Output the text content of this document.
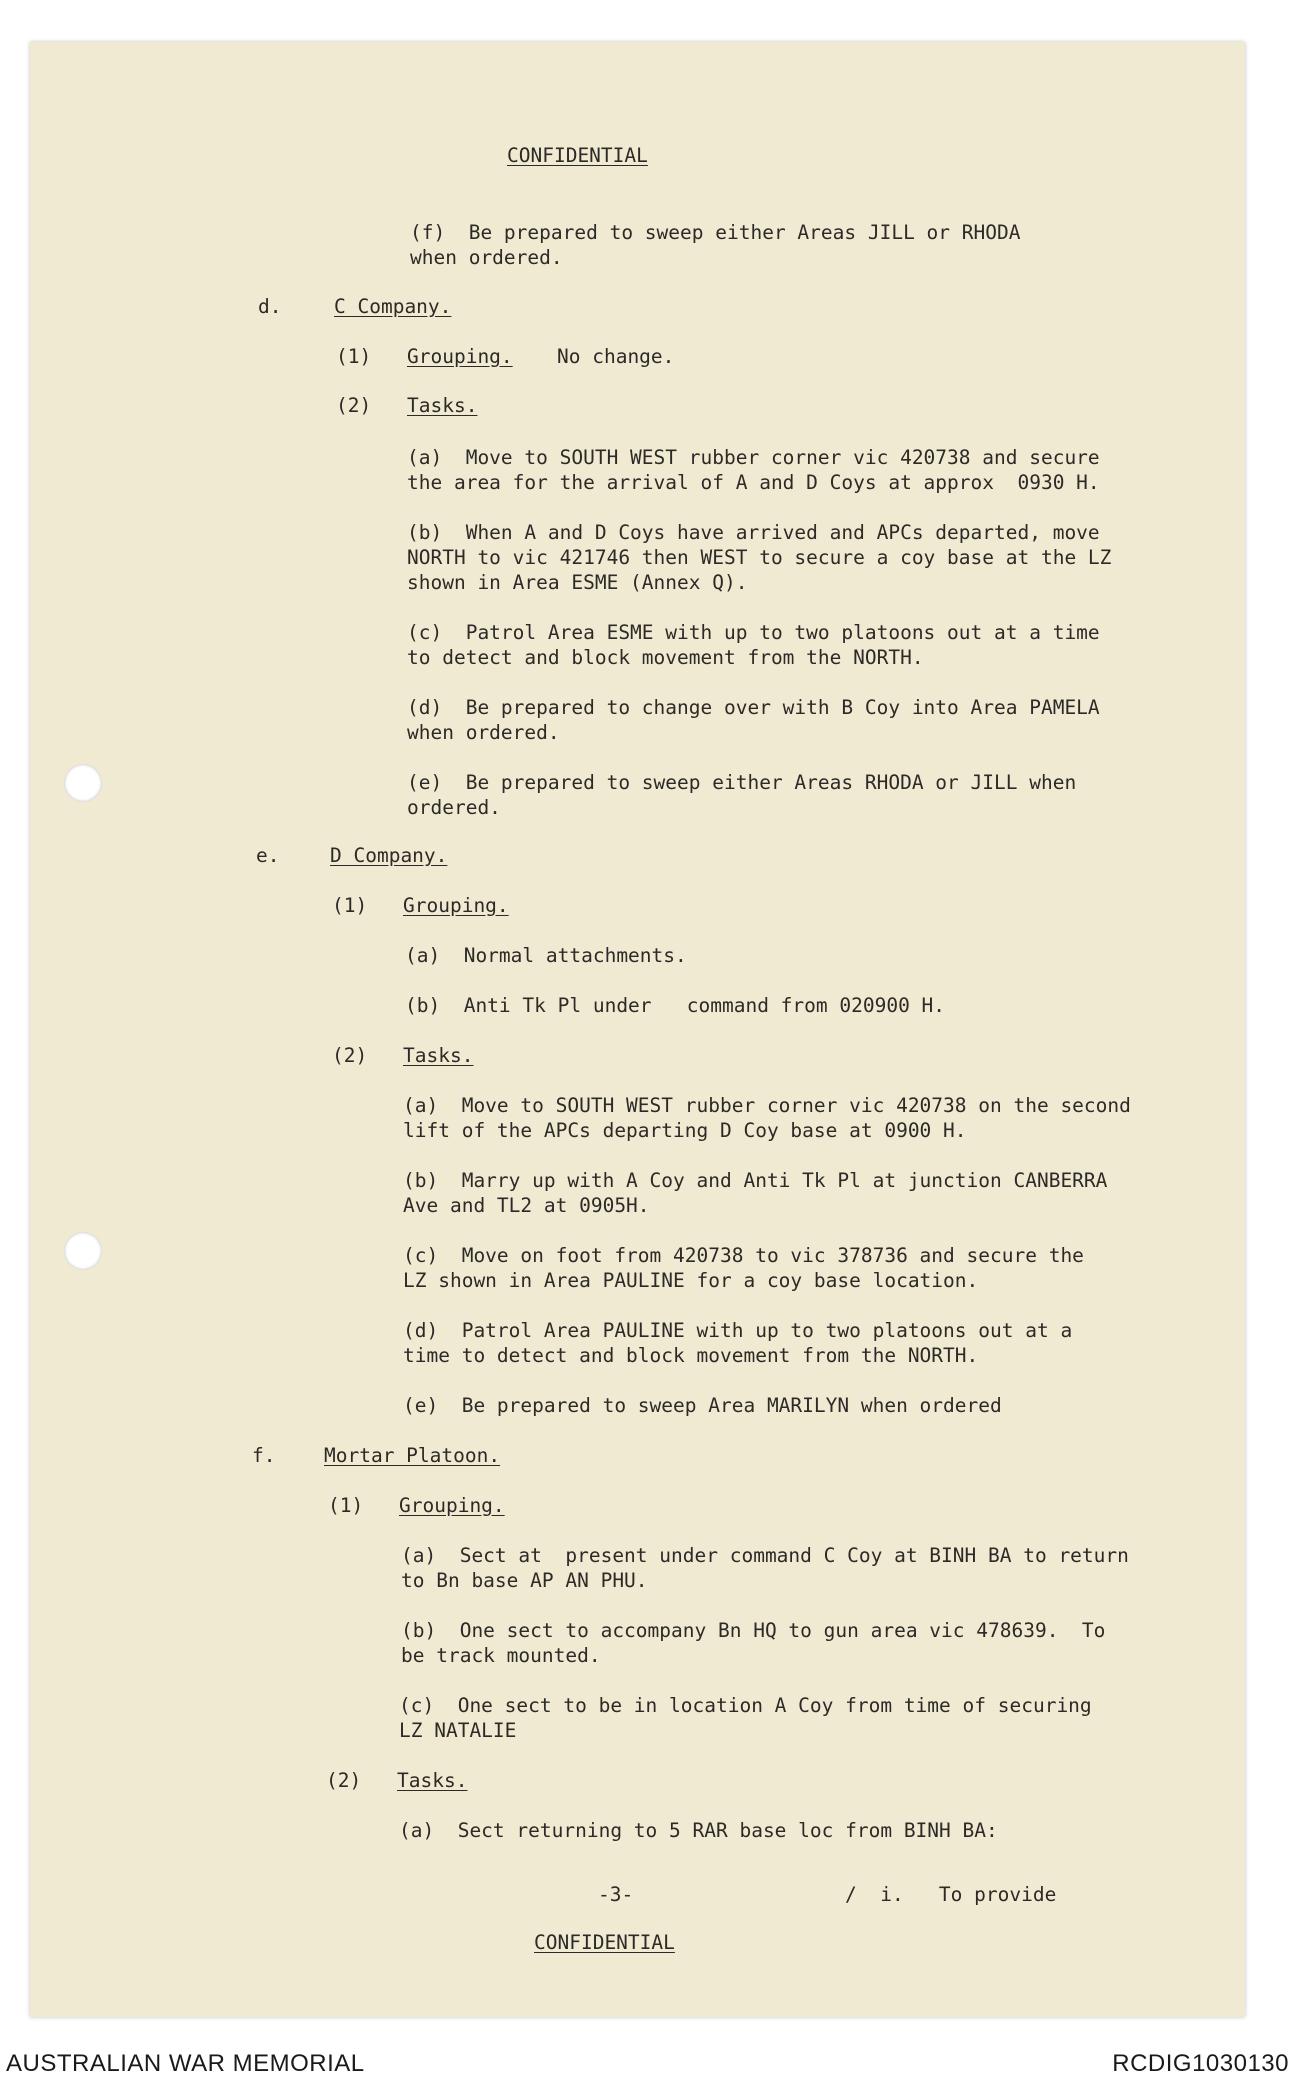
CONFIDENTIAL
(f)  Be prepared to sweep either Areas JILL or RHODA
when ordered.
d.	C Company.
(1) Grouping. No change.
(2) Tasks.
(a)  Move to SOUTH WEST rubber corner vic 420738 and secure
the area for the arrival of A and D Coys at approx  0930 H.
(b)  When A and D Coys have arrived and APCs departed, move
NORTH to vic 421746 then WEST to secure a coy base at the LZ
shown in Area ESME (Annex Q).
(c)  Patrol Area ESME with up to two platoons out at a time
to detect and block movement from the NORTH.
(d)  Be prepared to change over with B Coy into Area PAMELA
when ordered.
(e)  Be prepared to sweep either Areas RHODA or JILL when
ordered.
e.	D Company.
(1) Grouping.
(a)  Normal attachments.
(b)  Anti Tk Pl under   command from 020900 H.
(2) Tasks.
(a)  Move to SOUTH WEST rubber corner vic 420738 on the second
lift of the APCs departing D Coy base at 0900 H.
(b)  Marry up with A Coy and Anti Tk Pl at junction CANBERRA
Ave and TL2 at 0905H.
(c)  Move on foot from 420738 to vic 378736 and secure the
LZ shown in Area PAULINE for a coy base location.
(d)  Patrol Area PAULINE with up to two platoons out at a
time to detect and block movement from the NORTH.
(e)  Be prepared to sweep Area MARILYN when ordered
f. Mortar Platoon.
(1) Grouping.
(a)  Sect at  present under command C Coy at BINH BA to return
to Bn base AP AN PHU.
(b)  One sect to accompany Bn HQ to gun area vic 478639.  To
be track mounted.
(c)  One sect to be in location A Coy from time of securing
LZ NATALIE
(2) Tasks.
(a)  Sect returning to 5 RAR base loc from BINH BA:
-3-	/  i.   To provide
CONFIDENTIAL
AUSTRALIAN WAR MEMORIAL	RCDIG1030130
